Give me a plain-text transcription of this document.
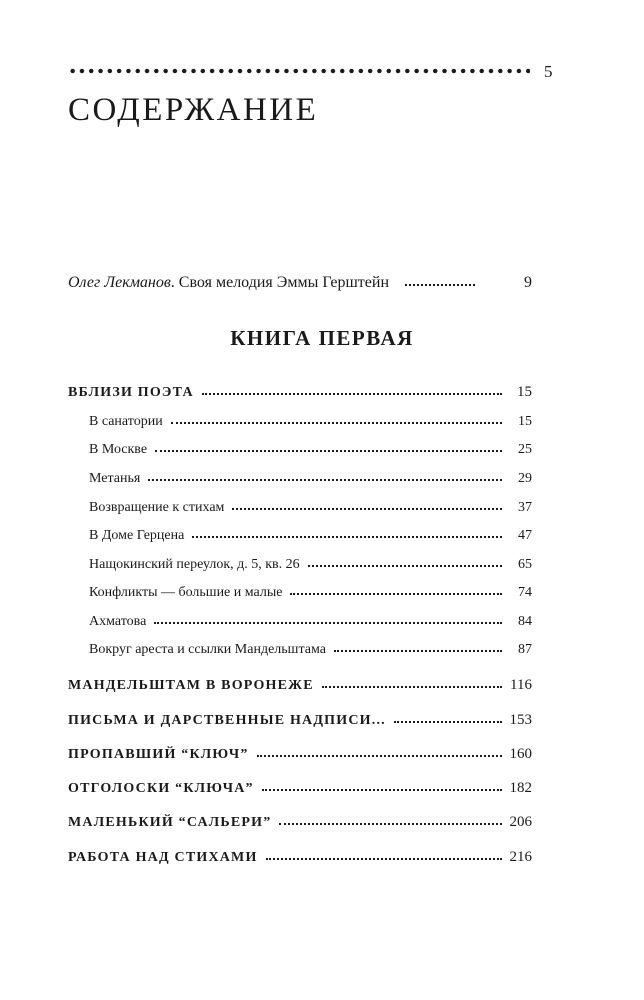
5
СОДЕРЖАНИЕ
Олег Лекманов. Своя мелодия Эммы Герштейн	9
КНИГА ПЕРВАЯ
ВБЛИЗИ ПОЭТА	15
В санатории	15
В Москве	25
Метанья	29
Возвращение к стихам	37
В Доме Герцена	47
Нащокинский переулок, д. 5, кв. 26	65
Конфликты — большие и малые	74
Ахматова	84
Вокруг ареста и ссылки Мандельштама	87
МАНДЕЛЬШТАМ В ВОРОНЕЖЕ	116
ПИСЬМА И ДАРСТВЕННЫЕ НАДПИСИ...	153
ПРОПАВШИЙ “КЛЮЧ”	160
ОТГОЛОСКИ “КЛЮЧА”	182
МАЛЕНЬКИЙ “САЛЬЕРИ”	206
РАБОТА НАД СТИХАМИ	216
